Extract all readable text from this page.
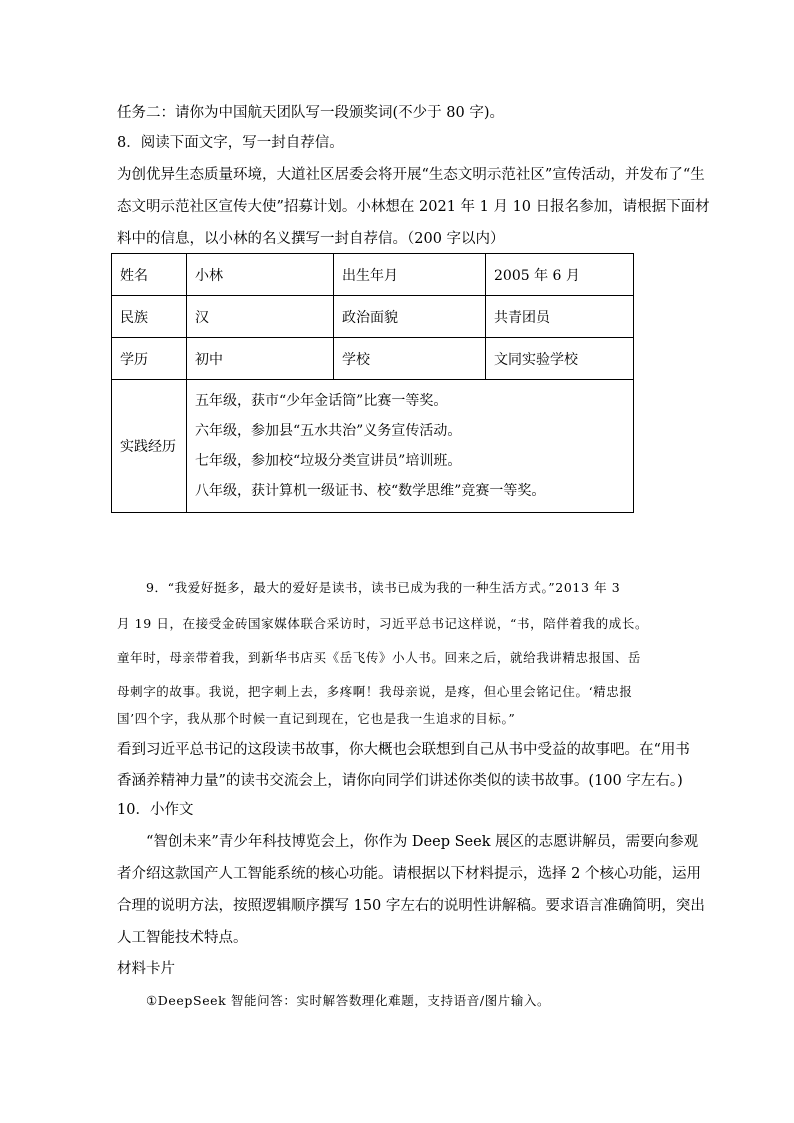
任务二：请你为中国航天团队写一段颁奖词(不少于 80 字)。
8．阅读下面文字，写一封自荐信。
为创优异生态质量环境，大道社区居委会将开展“生态文明示范社区”宣传活动，并发布了“生
态文明示范社区宣传大使”招募计划。小林想在 2021 年 1 月 10 日报名参加，请根据下面材
料中的信息，以小林的名义撰写一封自荐信。（200 字以内）
姓名	小林	出生年月	2005 年 6 月
民族	汉	政治面貌	共青团员
学历	初中	学校	文同实验学校
实践经历	五年级，获市“少年金话筒”比赛一等奖。
六年级，参加县“五水共治”义务宣传活动。
七年级，参加校“垃圾分类宣讲员”培训班。
八年级，获计算机一级证书、校“数学思维”竞赛一等奖。		
9．“我爱好挺多，最大的爱好是读书，读书已成为我的一种生活方式。”2013 年 3
月 19 日，在接受金砖国家媒体联合采访时，习近平总书记这样说，“书，陪伴着我的成长。
童年时，母亲带着我，到新华书店买《岳飞传》小人书。回来之后，就给我讲精忠报国、岳
母刺字的故事。我说，把字刺上去，多疼啊！我母亲说，是疼，但心里会铭记住。‘精忠报
国’四个字，我从那个时候一直记到现在，它也是我一生追求的目标。”
看到习近平总书记的这段读书故事，你大概也会联想到自己从书中受益的故事吧。在“用书
香涵养精神力量”的读书交流会上，请你向同学们讲述你类似的读书故事。(100 字左右。)
10．小作文
“智创未来”青少年科技博览会上，你作为 Deep Seek 展区的志愿讲解员，需要向参观
者介绍这款国产人工智能系统的核心功能。请根据以下材料提示，选择 2 个核心功能，运用
合理的说明方法，按照逻辑顺序撰写 150 字左右的说明性讲解稿。要求语言准确简明，突出
人工智能技术特点。
材料卡片
①DeepSeek 智能问答：实时解答数理化难题，支持语音/图片输入。
